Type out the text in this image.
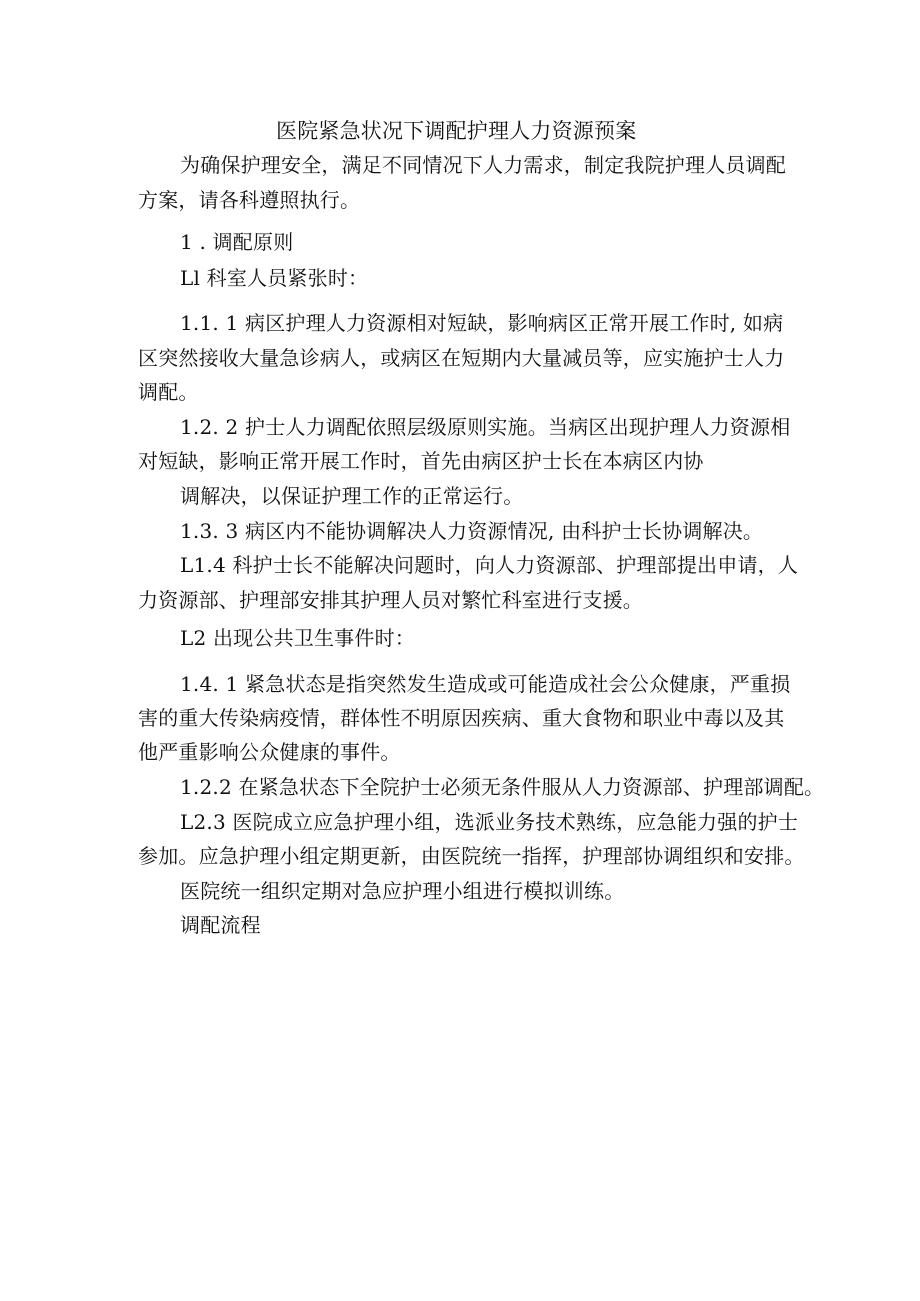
医院紧急状况下调配护理人力资源预案
为确保护理安全，满足不同情况下人力需求，制定我院护理人员调配
方案，请各科遵照执行。
1 . 调配原则
Ll 科室人员紧张时：
1.1. 1 病区护理人力资源相对短缺，影响病区正常开展工作时, 如病
区突然接收大量急诊病人，或病区在短期内大量减员等，应实施护士人力
调配。
1.2. 2 护士人力调配依照层级原则实施。当病区出现护理人力资源相
对短缺，影响正常开展工作时，首先由病区护士长在本病区内协
调解决，以保证护理工作的正常运行。
1.3. 3 病区内不能协调解决人力资源情况, 由科护士长协调解决。
L1.4 科护士长不能解决问题时，向人力资源部、护理部提出申请，人
力资源部、护理部安排其护理人员对繁忙科室进行支援。
L2 出现公共卫生事件时：
1.4. 1 紧急状态是指突然发生造成或可能造成社会公众健康，严重损
害的重大传染病疫情，群体性不明原因疾病、重大食物和职业中毒以及其
他严重影响公众健康的事件。
1.2.2 在紧急状态下全院护士必须无条件服从人力资源部、护理部调配。
L2.3 医院成立应急护理小组，选派业务技术熟练，应急能力强的护士
参加。应急护理小组定期更新，由医院统一指挥，护理部协调组织和安排。
医院统一组织定期对急应护理小组进行模拟训练。
调配流程
